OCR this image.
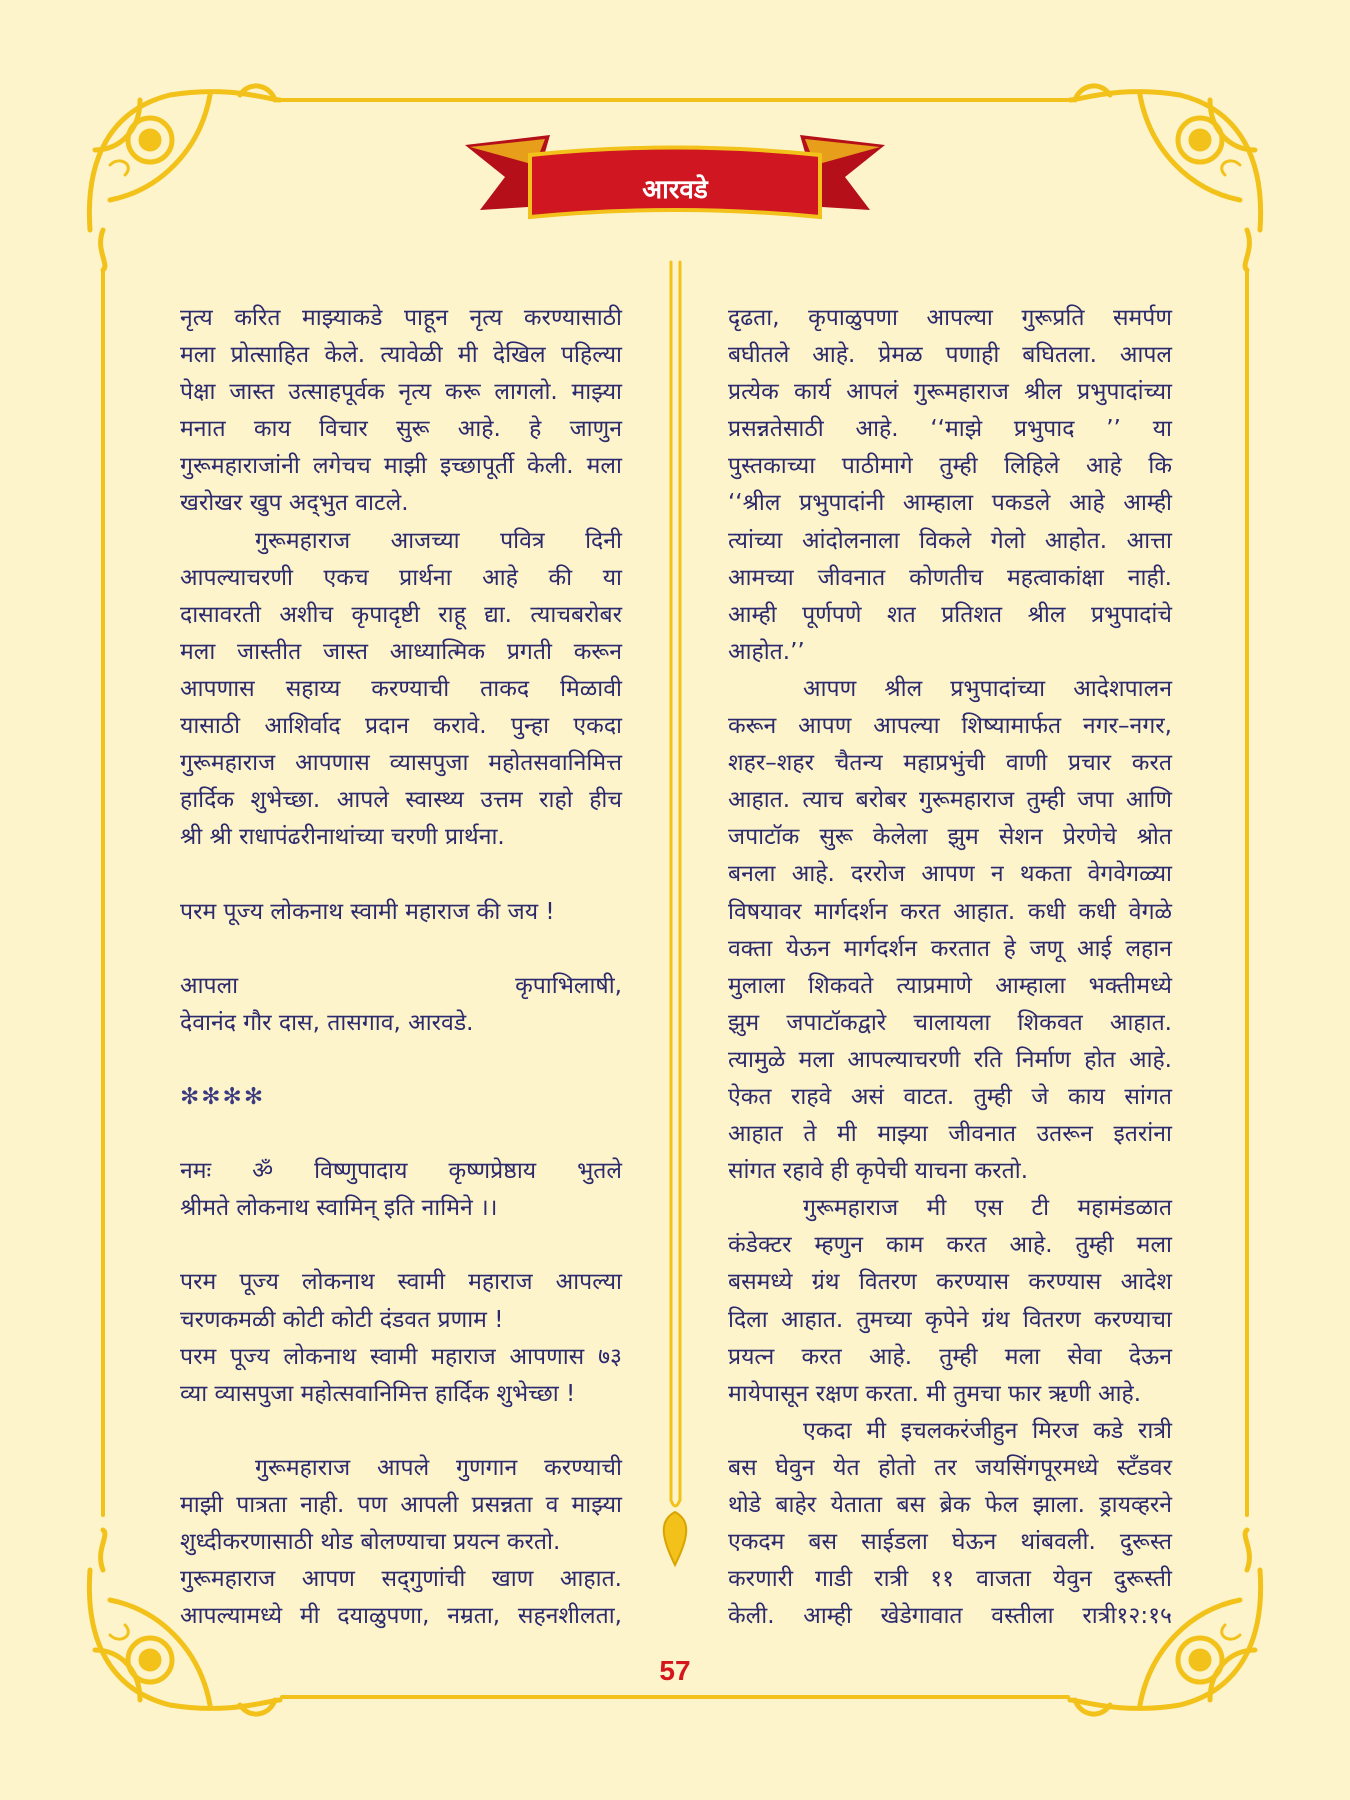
आरवडे
नृत्य करित माझ्याकडे पाहून नृत्य करण्यासाठी
मला प्रोत्साहित केले. त्यावेळी मी देखिल पहिल्या
पेक्षा जास्त उत्साहपूर्वक नृत्य करू लागलो. माझ्या
मनात काय विचार सुरू आहे. हे जाणुन
गुरूमहाराजांनी लगेचच माझी इच्छापूर्ती केली. मला
खरोखर खुप अद्‌भुत वाटले.
गुरूमहाराज आजच्या पवित्र दिनी
आपल्याचरणी एकच प्रार्थना आहे की या
दासावरती अशीच कृपादृष्टी राहू द्या. त्याचबरोबर
मला जास्तीत जास्त आध्यात्मिक प्रगती करून
आपणास सहाय्य करण्याची ताकद मिळावी
यासाठी आशिर्वाद प्रदान करावे. पुन्हा एकदा
गुरूमहाराज आपणास व्यासपुजा महोतसवानिमित्त
हार्दिक शुभेच्छा. आपले स्वास्थ्य उत्तम राहो हीच
श्री श्री राधापंढरीनाथांच्या चरणी प्रार्थना.
परम पूज्य लोकनाथ स्वामी महाराज की जय !
आपला कृपाभिलाषी,
देवानंद गौर दास, तासगाव, आरवडे.
✻✻✻✻
नमः ॐ विष्णुपादाय कृष्णप्रेष्ठाय भुतले
श्रीमते लोकनाथ स्वामिन् इति नामिने ।।
परम पूज्य लोकनाथ स्वामी महाराज आपल्या
चरणकमळी कोटी कोटी दंडवत प्रणाम !
परम पूज्य लोकनाथ स्वामी महाराज आपणास ७३
व्या व्यासपुजा महोत्सवानिमित्त हार्दिक शुभेच्छा !
गुरूमहाराज आपले गुणगान करण्याची
माझी पात्रता नाही. पण आपली प्रसन्नता व माझ्या
शुध्दीकरणासाठी थोड बोलण्याचा प्रयत्न करतो.
गुरूमहाराज आपण सद्‌गुणांची खाण आहात.
आपल्यामध्ये मी दयाळुपणा, नम्रता, सहनशीलता,
दृढता, कृपाळुपणा आपल्या गुरूप्रति समर्पण
बघीतले आहे. प्रेमळ पणाही बघितला. आपल
प्रत्येक कार्य आपलं गुरूमहाराज श्रील प्रभुपादांच्या
प्रसन्नतेसाठी आहे. ‘‘माझे प्रभुपाद ’’ या
पुस्तकाच्या पाठीमागे तुम्ही लिहिले आहे कि
‘‘श्रील प्रभुपादांनी आम्हाला पकडले आहे आम्ही
त्यांच्या आंदोलनाला विकले गेलो आहोत. आत्ता
आमच्या जीवनात कोणतीच महत्वाकांक्षा नाही.
आम्ही पूर्णपणे शत प्रतिशत श्रील प्रभुपादांचे
आहोत.’’
आपण श्रील प्रभुपादांच्या आदेशपालन
करून आपण आपल्या शिष्यामार्फत नगर–नगर,
शहर–शहर चैतन्य महाप्रभुंची वाणी प्रचार करत
आहात. त्याच बरोबर गुरूमहाराज तुम्ही जपा आणि
जपाटॉक सुरू केलेला झुम सेशन प्रेरणेचे श्रोत
बनला आहे. दररोज आपण न थकता वेगवेगळ्या
विषयावर मार्गदर्शन करत आहात. कधी कधी वेगळे
वक्ता येऊन मार्गदर्शन करतात हे जणू आई लहान
मुलाला शिकवते त्याप्रमाणे आम्हाला भक्तीमध्ये
झुम जपाटॉकद्वारे चालायला शिकवत आहात.
त्यामुळे मला आपल्याचरणी रति निर्माण होत आहे.
ऐकत राहवे असं वाटत. तुम्ही जे काय सांगत
आहात ते मी माझ्या जीवनात उतरून इतरांना
सांगत रहावे ही कृपेची याचना करतो.
गुरूमहाराज मी एस टी महामंडळात
कंडेक्टर म्हणुन काम करत आहे. तुम्ही मला
बसमध्ये ग्रंथ वितरण करण्यास करण्यास आदेश
दिला आहात. तुमच्या कृपेने ग्रंथ वितरण करण्याचा
प्रयत्न करत आहे. तुम्ही मला सेवा देऊन
मायेपासून रक्षण करता. मी तुमचा फार ऋणी आहे.
एकदा मी इचलकरंजीहुन मिरज कडे रात्री
बस घेवुन येत होतो तर जयसिंगपूरमध्ये स्टँडवर
थोडे बाहेर येताता बस ब्रेक फेल झाला. ड्रायव्हरने
एकदम बस साईडला घेऊन थांबवली. दुरूस्त
करणारी गाडी रात्री ११ वाजता येवुन दुरूस्ती
केली. आम्ही खेडेगावात वस्तीला रात्री१२:१५
57
